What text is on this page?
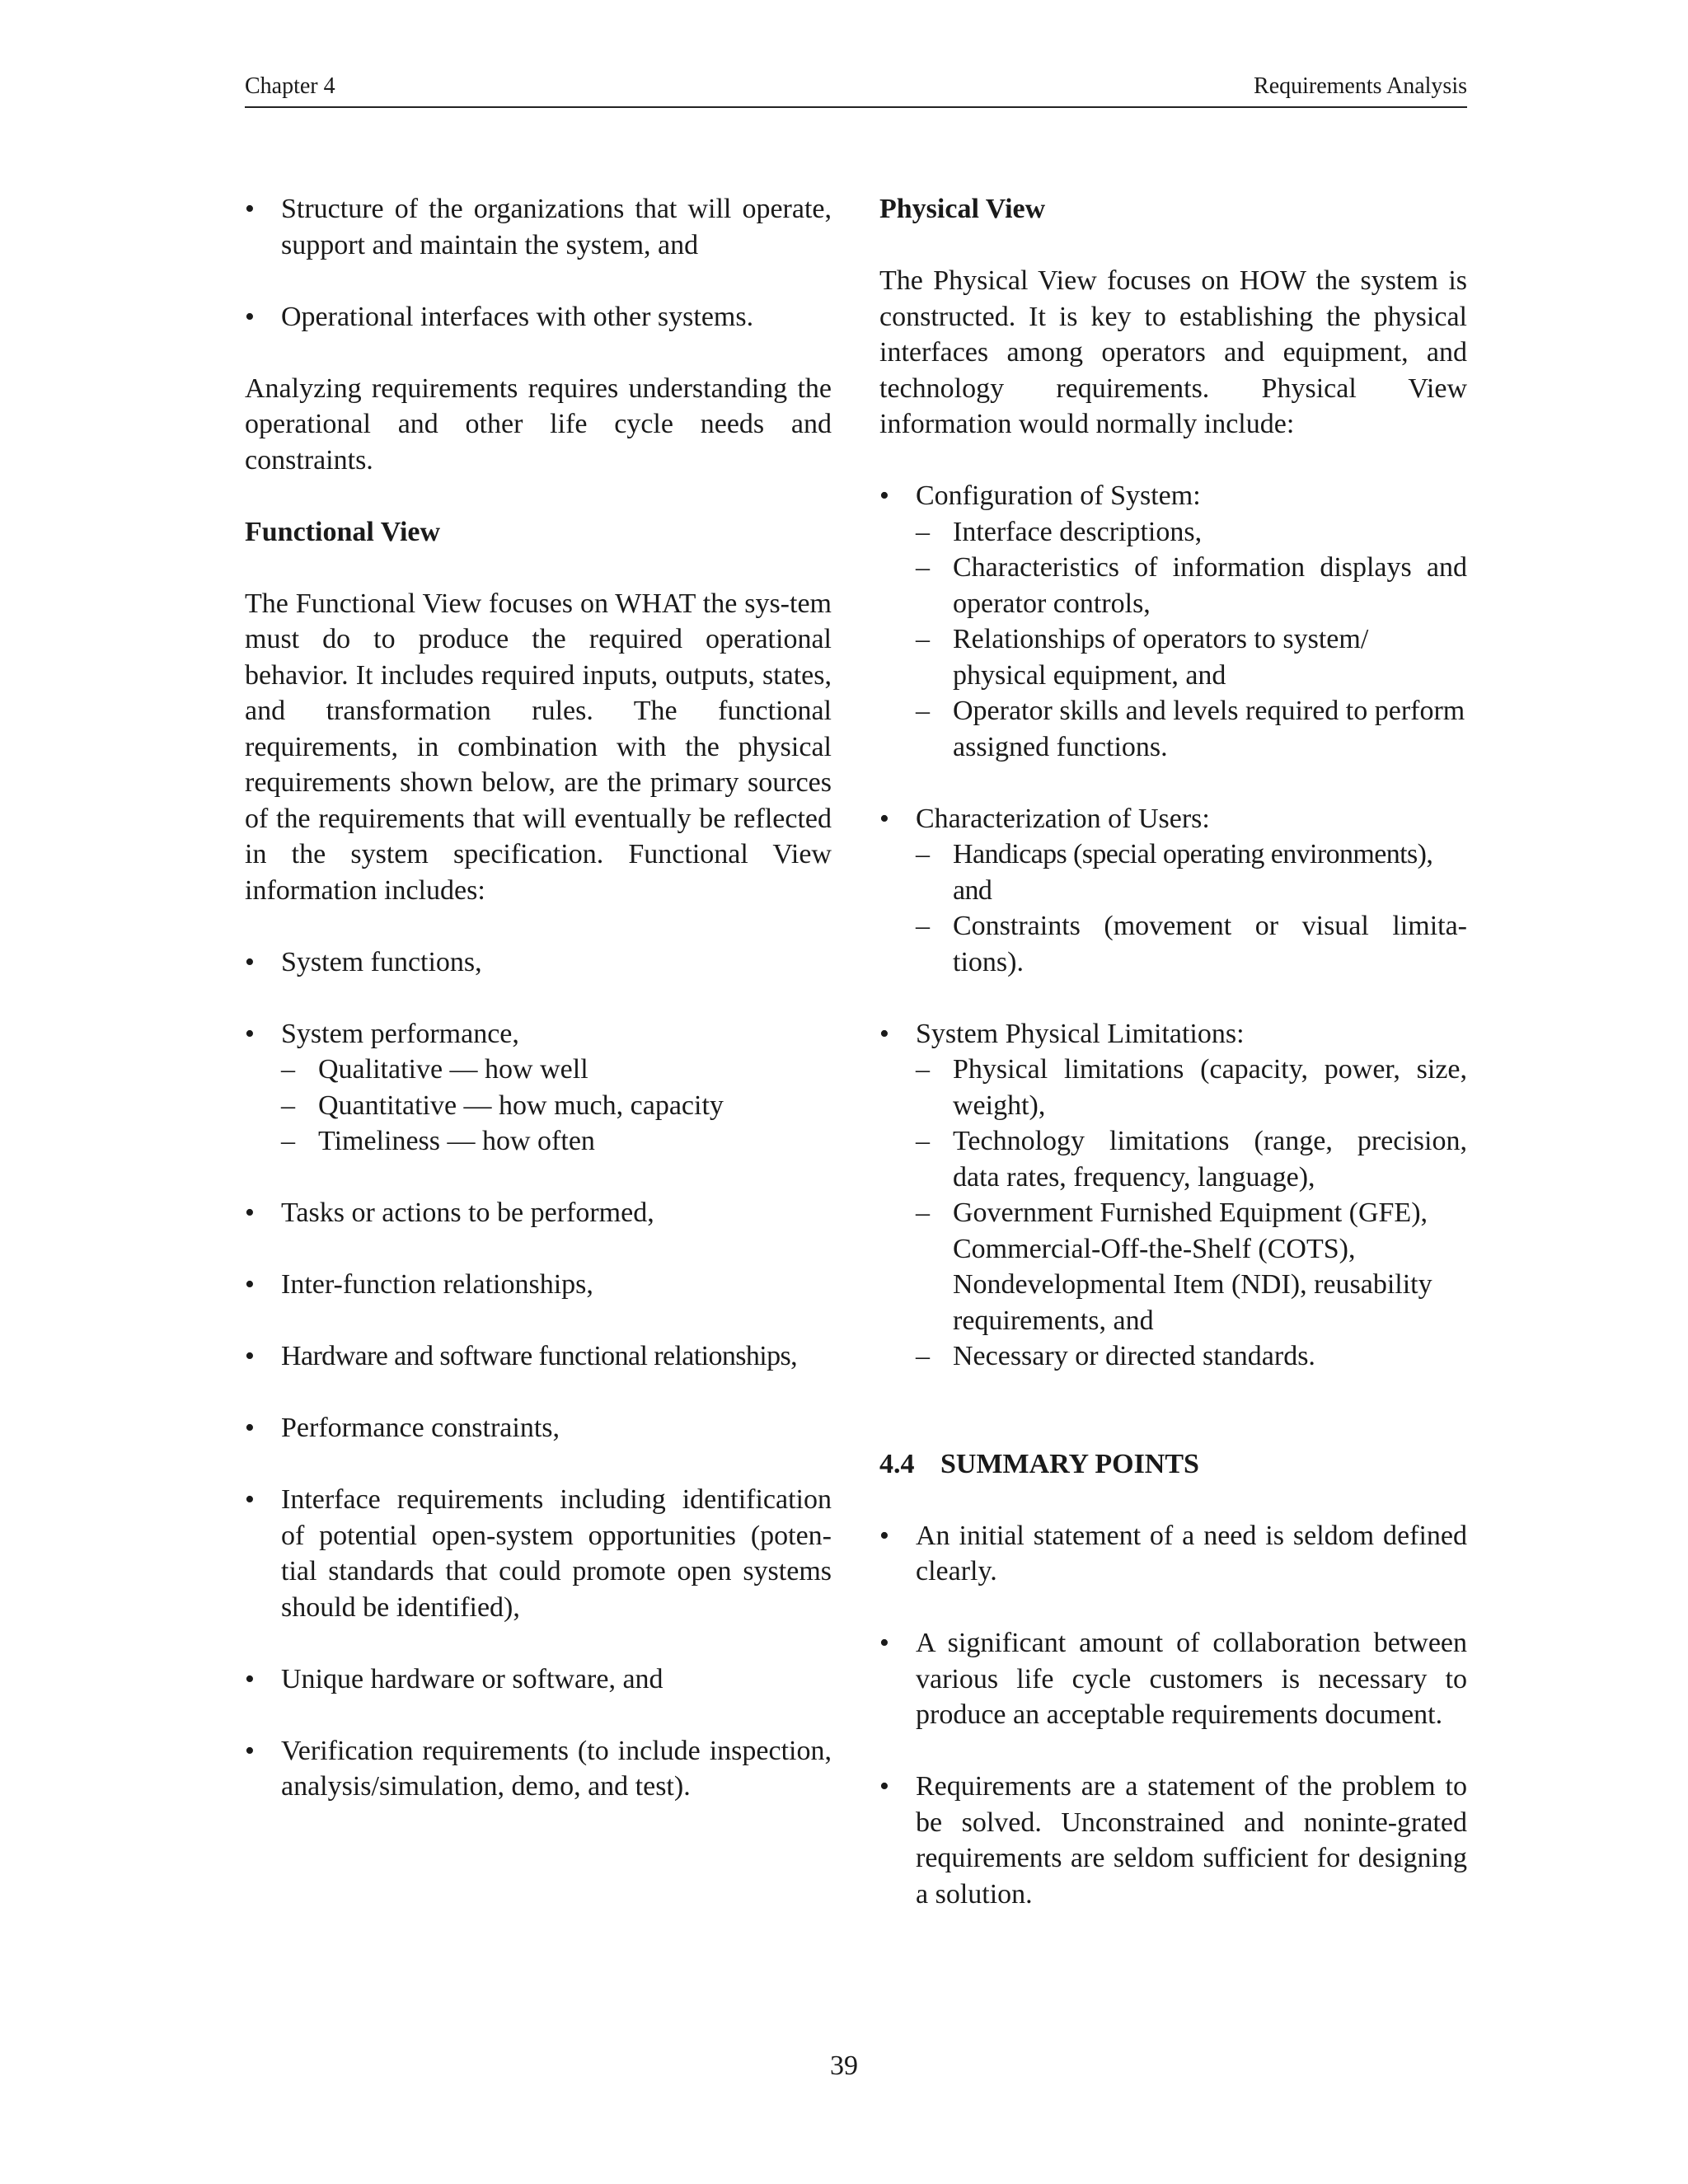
Chapter 4	Requirements Analysis
• Structure of the organizations that will operate, support and maintain the system, and
• Operational interfaces with other systems.

Analyzing requirements requires understanding the operational and other life cycle needs and constraints.

Functional View

The Functional View focuses on WHAT the sys-tem must do to produce the required operational behavior. It includes required inputs, outputs, states, and transformation rules. The functional requirements, in combination with the physical requirements shown below, are the primary sources of the requirements that will eventually be reflected in the system specification. Functional View information includes:

• System functions,
• System performance,
– Qualitative — how well
– Quantitative — how much, capacity
– Timeliness — how often
• Tasks or actions to be performed,
• Inter-function relationships,
• Hardware and software functional relationships,
• Performance constraints,
• Interface requirements including identification of potential open-system opportunities (poten-tial standards that could promote open systems should be identified),
• Unique hardware or software, and
• Verification requirements (to include inspection, analysis/simulation, demo, and test).
Physical View

The Physical View focuses on HOW the system is constructed. It is key to establishing the physical interfaces among operators and equipment, and technology requirements. Physical View information would normally include:

• Configuration of System:
– Interface descriptions,
– Characteristics of information displays and operator controls,
– Relationships of operators to system/ physical equipment, and
– Operator skills and levels required to perform assigned functions.
• Characterization of Users:
– Handicaps (special operating environments), and
– Constraints (movement or visual limita-tions).
• System Physical Limitations:
– Physical limitations (capacity, power, size, weight),
– Technology limitations (range, precision, data rates, frequency, language),
– Government Furnished Equipment (GFE), Commercial-Off-the-Shelf (COTS), Nondevelopmental Item (NDI), reusability requirements, and
– Necessary or directed standards.
4.4 SUMMARY POINTS
• An initial statement of a need is seldom defined clearly.
• A significant amount of collaboration between various life cycle customers is necessary to produce an acceptable requirements document.
• Requirements are a statement of the problem to be solved. Unconstrained and noninte-grated requirements are seldom sufficient for designing a solution.
39
